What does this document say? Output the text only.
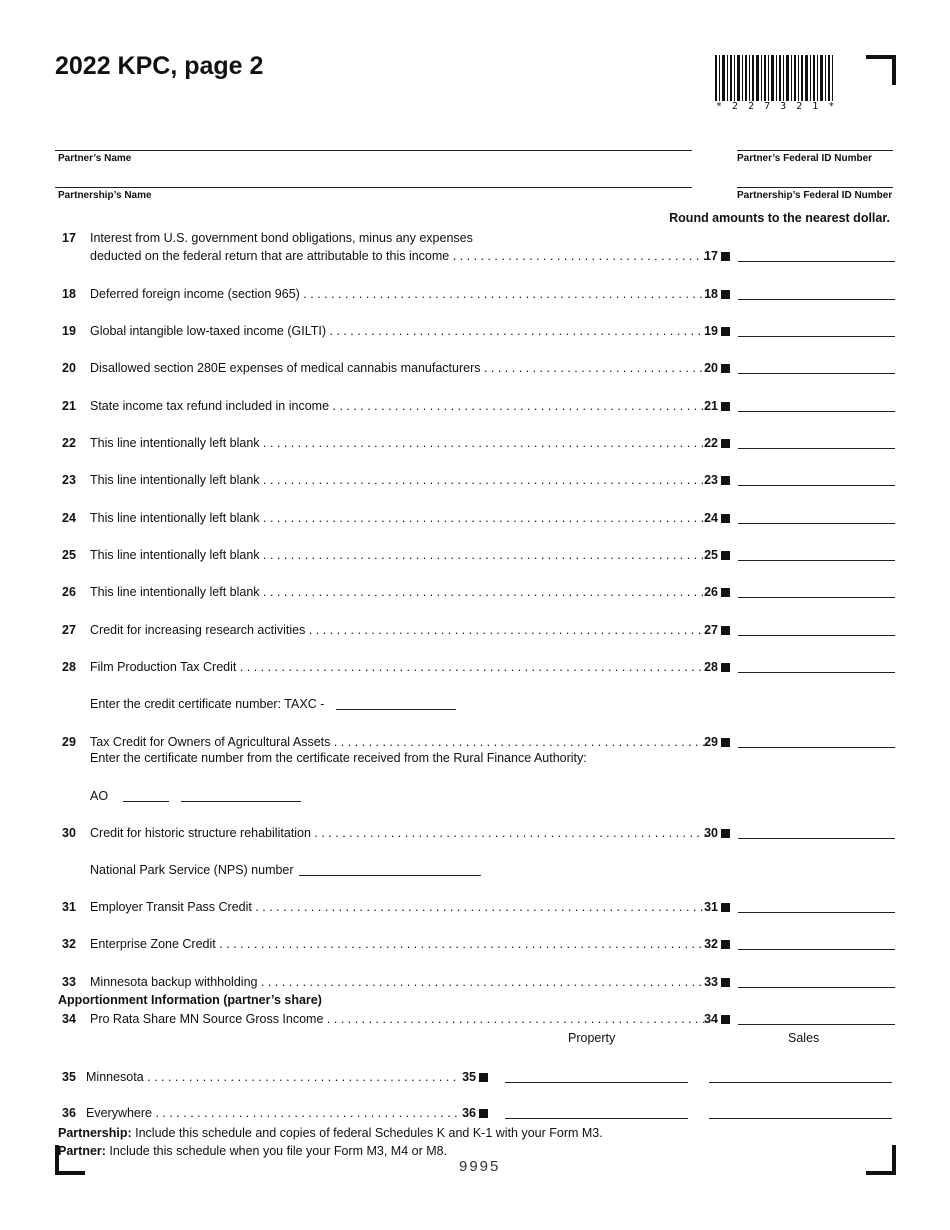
2022 KPC, page 2
* 2 2 7 3 2 1 *
Partner’s Name	Partner’s Federal ID Number
Partnership’s Name	Partnership’s Federal ID Number
Round amounts to the nearest dollar.
17 Interest from U.S. government bond obligations, minus any expenses
deducted on the federal return that are attributable to this income . . .	17
18 Deferred foreign income (section 965) . . .	18
19 Global intangible low-taxed income (GILTI) . . .	19
20 Disallowed section 280E expenses of medical cannabis manufacturers . . .	20
21 State income tax refund included in income . . .	21
22 This line intentionally left blank . . .	22
23 This line intentionally left blank . . .	23
24 This line intentionally left blank . . .	24
25 This line intentionally left blank . . .	25
26 This line intentionally left blank . . .	26
27 Credit for increasing research activities . . .	27
28 Film Production Tax Credit . . .	28
Enter the credit certificate number: TAXC -
29 Tax Credit for Owners of Agricultural Assets . . .	29
Enter the certificate number from the certificate received from the Rural Finance Authority:
AO
30 Credit for historic structure rehabilitation . . .	30
National Park Service (NPS) number
31 Employer Transit Pass Credit . . .	31
32 Enterprise Zone Credit . . .	32
33 Minnesota backup withholding . . .	33
Apportionment Information (partner’s share)
34 Pro Rata Share MN Source Gross Income . . .	34
Property	Sales
35 Minnesota . . .	35
36 Everywhere . . .	36
Partnership: Include this schedule and copies of federal Schedules K and K-1 with your Form M3.
Partner: Include this schedule when you file your Form M3, M4 or M8.
9995
